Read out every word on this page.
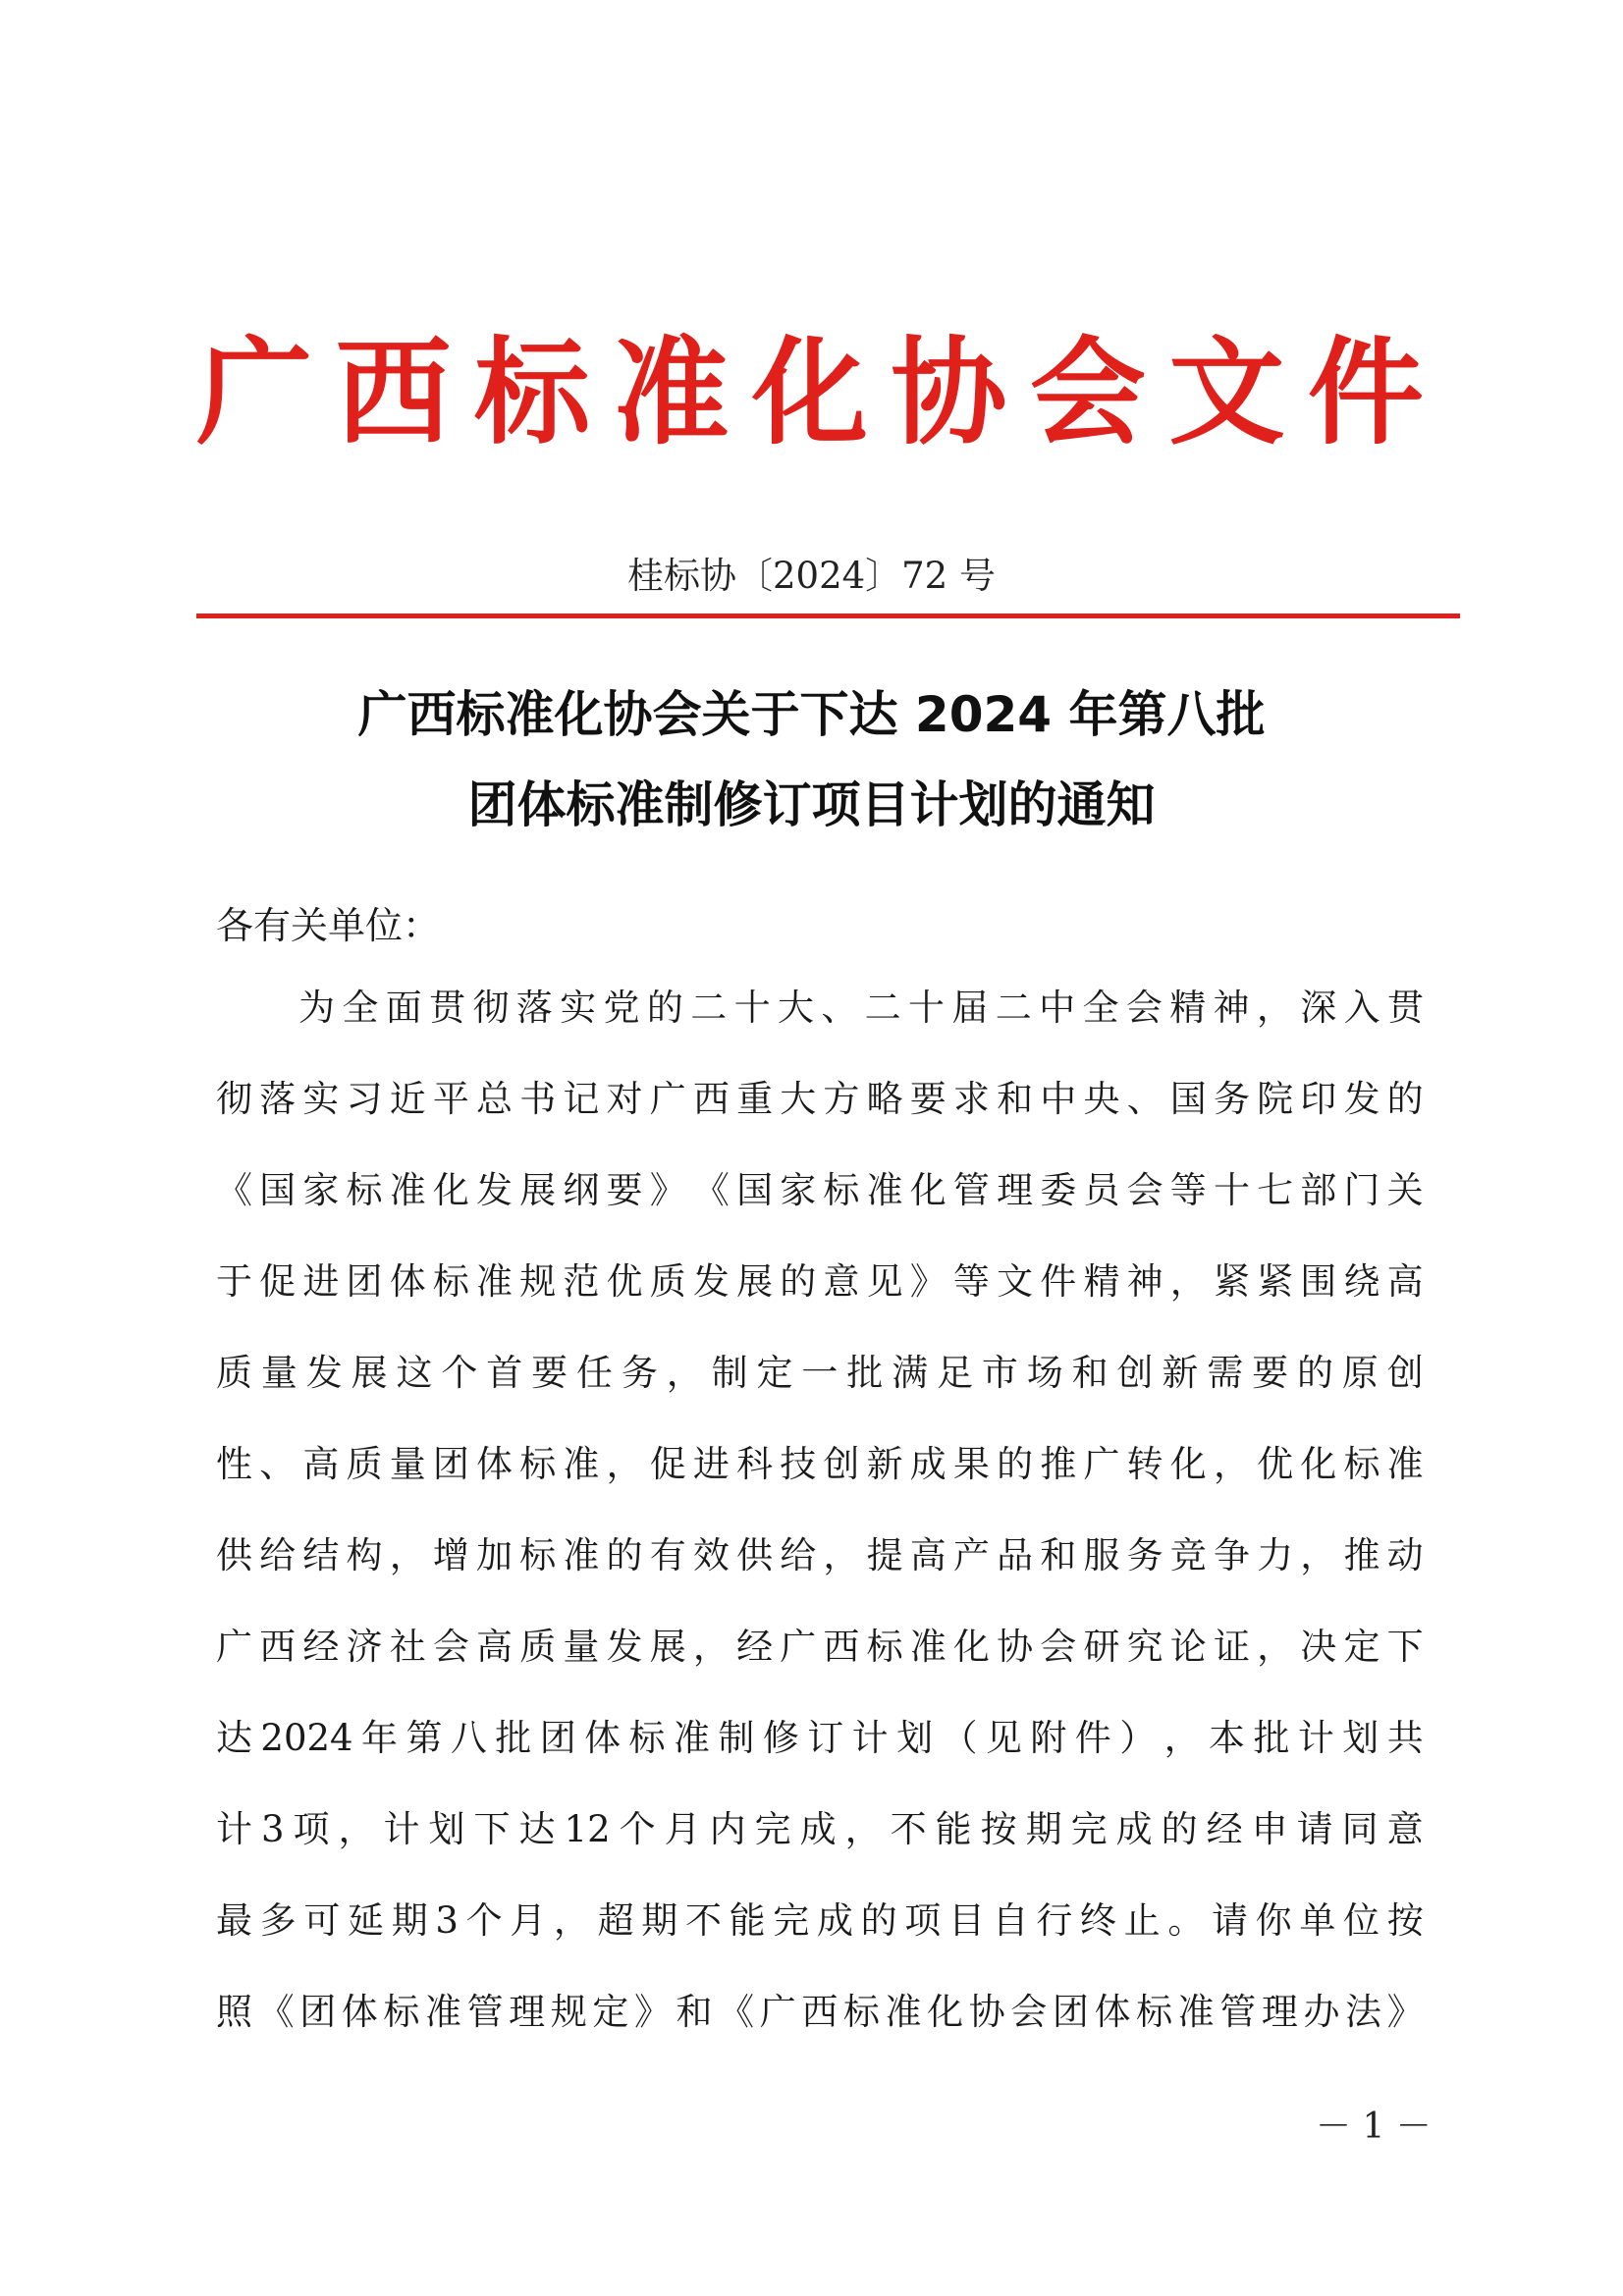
广 西 标 准 化 协 会 文 件
桂标协〔2024〕72 号
广西标准化协会关于下达 2024 年第八批
团体标准制修订项目计划的通知
各有关单位：
为 全 面 贯 彻 落 实 党 的 二 十 大 、 二 十 届 二 中 全 会 精 神 ， 深 入 贯
彻 落 实 习 近 平 总 书 记 对 广 西 重 大 方 略 要 求 和 中 央 、 国 务 院 印 发 的
《 国 家 标 准 化 发 展 纲 要 》 《 国 家 标 准 化 管 理 委 员 会 等 十 七 部 门 关
于 促 进 团 体 标 准 规 范 优 质 发 展 的 意 见 》 等 文 件 精 神 ， 紧 紧 围 绕 高
质 量 发 展 这 个 首 要 任 务 ， 制 定 一 批 满 足 市 场 和 创 新 需 要 的 原 创
性 、 高 质 量 团 体 标 准 ， 促 进 科 技 创 新 成 果 的 推 广 转 化 ， 优 化 标 准
供 给 结 构 ， 增 加 标 准 的 有 效 供 给 ， 提 高 产 品 和 服 务 竞 争 力 ， 推 动
广 西 经 济 社 会 高 质 量 发 展 ， 经 广 西 标 准 化 协 会 研 究 论 证 ， 决 定 下
达 2024 年 第 八 批 团 体 标 准 制 修 订 计 划 （ 见 附 件 ） ， 本 批 计 划 共
计 3 项 ， 计 划 下 达 12 个 月 内 完 成 ， 不 能 按 期 完 成 的 经 申 请 同 意
最 多 可 延 期 3 个 月 ， 超 期 不 能 完 成 的 项 目 自 行 终 止 。 请 你 单 位 按
照 《 团 体 标 准 管 理 规 定 》 和 《 广 西 标 准 化 协 会 团 体 标 准 管 理 办 法 》
－ 1 －
